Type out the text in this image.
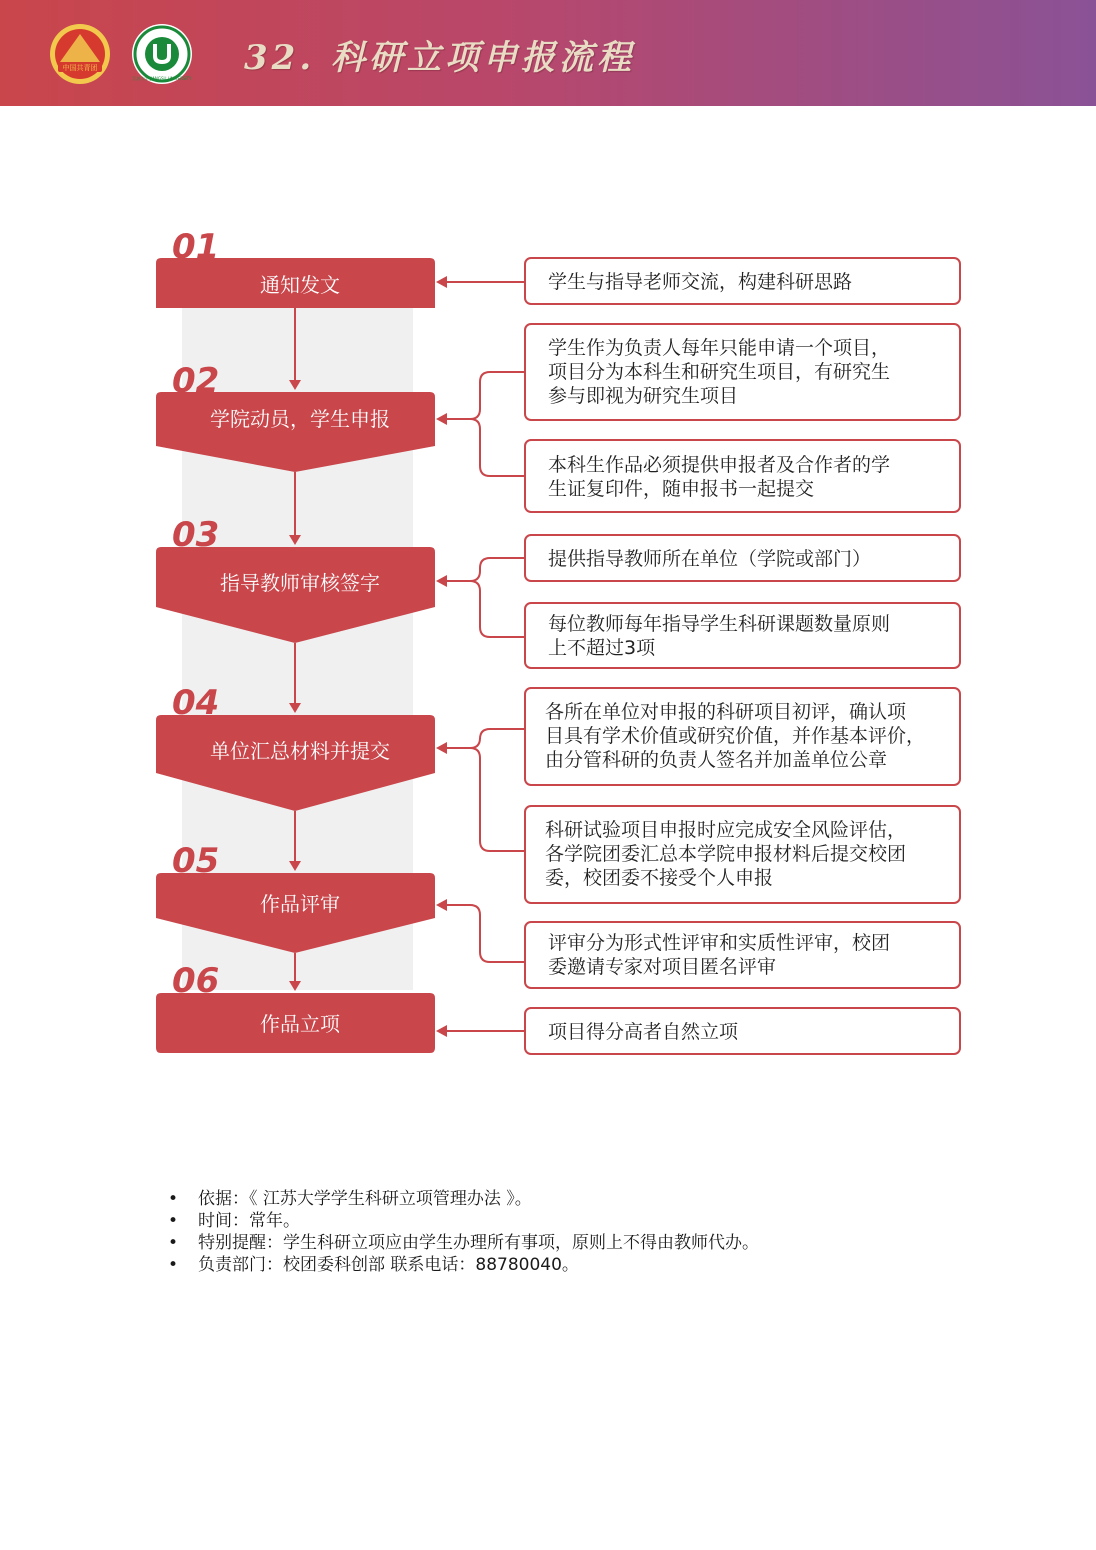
中国共青团
江苏大学 JIANGSU UNIVERSITY
32. 科研立项申报流程
01
通知发文
02
学院动员，学生申报
03
指导教师审核签字
04
单位汇总材料并提交
05
作品评审
06
作品立项
学生与指导老师交流，构建科研思路
学生作为负责人每年只能申请一个项目，
项目分为本科生和研究生项目，有研究生
参与即视为研究生项目
本科生作品必须提供申报者及合作者的学
生证复印件，随申报书一起提交
提供指导教师所在单位（学院或部门）
每位教师每年指导学生科研课题数量原则
上不超过3项
各所在单位对申报的科研项目初评，确认项
目具有学术价值或研究价值，并作基本评价，
由分管科研的负责人签名并加盖单位公章
科研试验项目申报时应完成安全风险评估，
各学院团委汇总本学院申报材料后提交校团
委，校团委不接受个人申报
评审分为形式性评审和实质性评审，校团
委邀请专家对项目匿名评审
项目得分高者自然立项
• 依据：《 江苏大学学生科研立项管理办法 》。
• 时间：常年。
• 特别提醒：学生科研立项应由学生办理所有事项，原则上不得由教师代办。
• 负责部门：校团委科创部 联系电话：88780040。
